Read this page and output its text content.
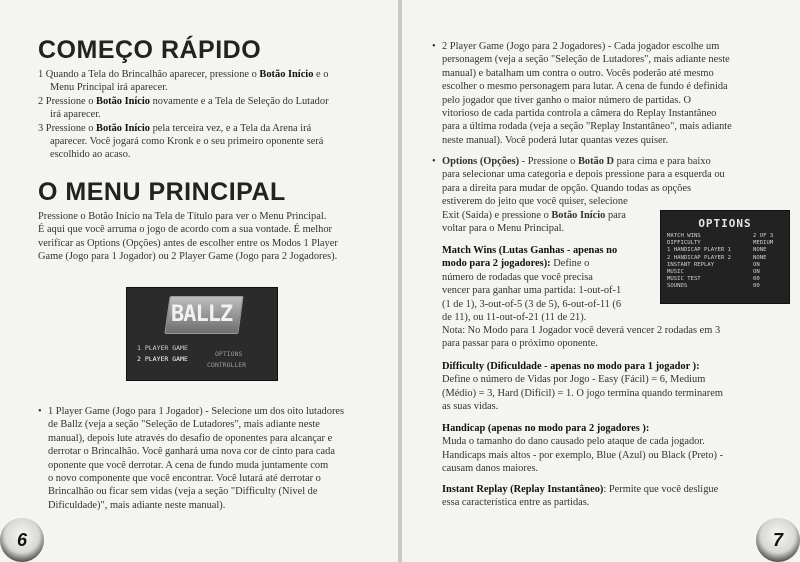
COMEÇO RÁPIDO
1 Quando a Tela do Brincalhão aparecer, pressione o Botão Início e o
Menu Principal irá aparecer.
2 Pressione o Botão Início novamente e a Tela de Seleção do Lutador
irá aparecer.
3 Pressione o Botão Início pela terceira vez, e a Tela da Arena irá
aparecer. Você jogará como Kronk e o seu primeiro oponente será
escolhido ao acaso.
O MENU PRINCIPAL
Pressione o Botão Início na Tela de Título para ver o Menu Principal.
É aqui que você arruma o jogo de acordo com a sua vontade. É melhor
verificar as Options (Opções) antes de escolher entre os Modos 1 Player
Game (Jogo para 1 Jogador) ou 2 Player Game (Jogo para 2 Jogadores).
BALLZ
1 PLAYER GAME
2 PLAYER GAME
OPTIONS
CONTROLLER
• 1 Player Game (Jogo para 1 Jogador) - Selecione um dos oito lutadores
de Ballz (veja a seção "Seleção de Lutadores", mais adiante neste
manual), depois lute através do desafio de oponentes para alcançar e
derrotar o Brincalhão. Você ganhará uma nova cor de cinto para cada
oponente que você derrotar. A cena de fundo muda juntamente com
o novo componente que você encontrar. Você lutará até derrotar o
Brincalhão ou ficar sem vidas (veja a seção "Difficulty (Nível de
Dificuldade)", mais adiante neste manual).
6
• 2 Player Game (Jogo para 2 Jogadores) - Cada jogador escolhe um
personagem (veja a seção "Seleção de Lutadores", mais adiante neste
manual) e batalham um contra o outro. Vocês poderão até mesmo
escolher o mesmo personagem para lutar. A cena de fundo é definida
pelo jogador que tiver ganho o maior número de partidas. O
vitorioso de cada partida controla a câmera do Replay Instantâneo
para a última rodada (veja a seção "Replay Instantâneo", mais adiante
neste manual). Você poderá lutar quantas vezes quiser.
• Options (Opções) - Pressione o Botão D para cima e para baixo
para selecionar uma categoria e depois pressione para a esquerda ou
para a direita para mudar de opção. Quando todas as opções
estiverem do jeito que você quiser, selecione
Exit (Saída) e pressione o Botão Início para
voltar para o Menu Principal.	OPTIONS
MATCH WINS
DIFFICULTY
1 HANDICAP PLAYER 1
2 HANDICAP PLAYER 2
INSTANT REPLAY
MUSIC
MUSIC TEST
SOUNDS
2 OF 3
MEDIUM
NONE
NONE
ON
ON
00
00
Match Wins (Lutas Ganhas - apenas no
modo para 2 jogadores): Define o
número de rodadas que você precisa
vencer para ganhar uma partida: 1-out-of-1
(1 de 1), 3-out-of-5 (3 de 5), 6-out-of-11 (6
de 11), ou 11-out-of-21 (11 de 21).
Nota: No Modo para 1 Jogador você deverá vencer 2 rodadas em 3
para passar para o próximo oponente.
Difficulty (Dificuldade - apenas no modo para 1 jogador ):
Define o número de Vidas por Jogo - Easy (Fácil) = 6, Medium
(Médio) = 3, Hard (Difícil) = 1. O jogo termina quando terminarem
as suas vidas.
Handicap (apenas no modo para 2 jogadores ):
Muda o tamanho do dano causado pelo ataque de cada jogador.
Handicaps mais altos - por exemplo, Blue (Azul) ou Black (Preto) -
causam danos maiores.
Instant Replay (Replay Instantâneo): Permite que você desligue
essa característica entre as partidas.
7
